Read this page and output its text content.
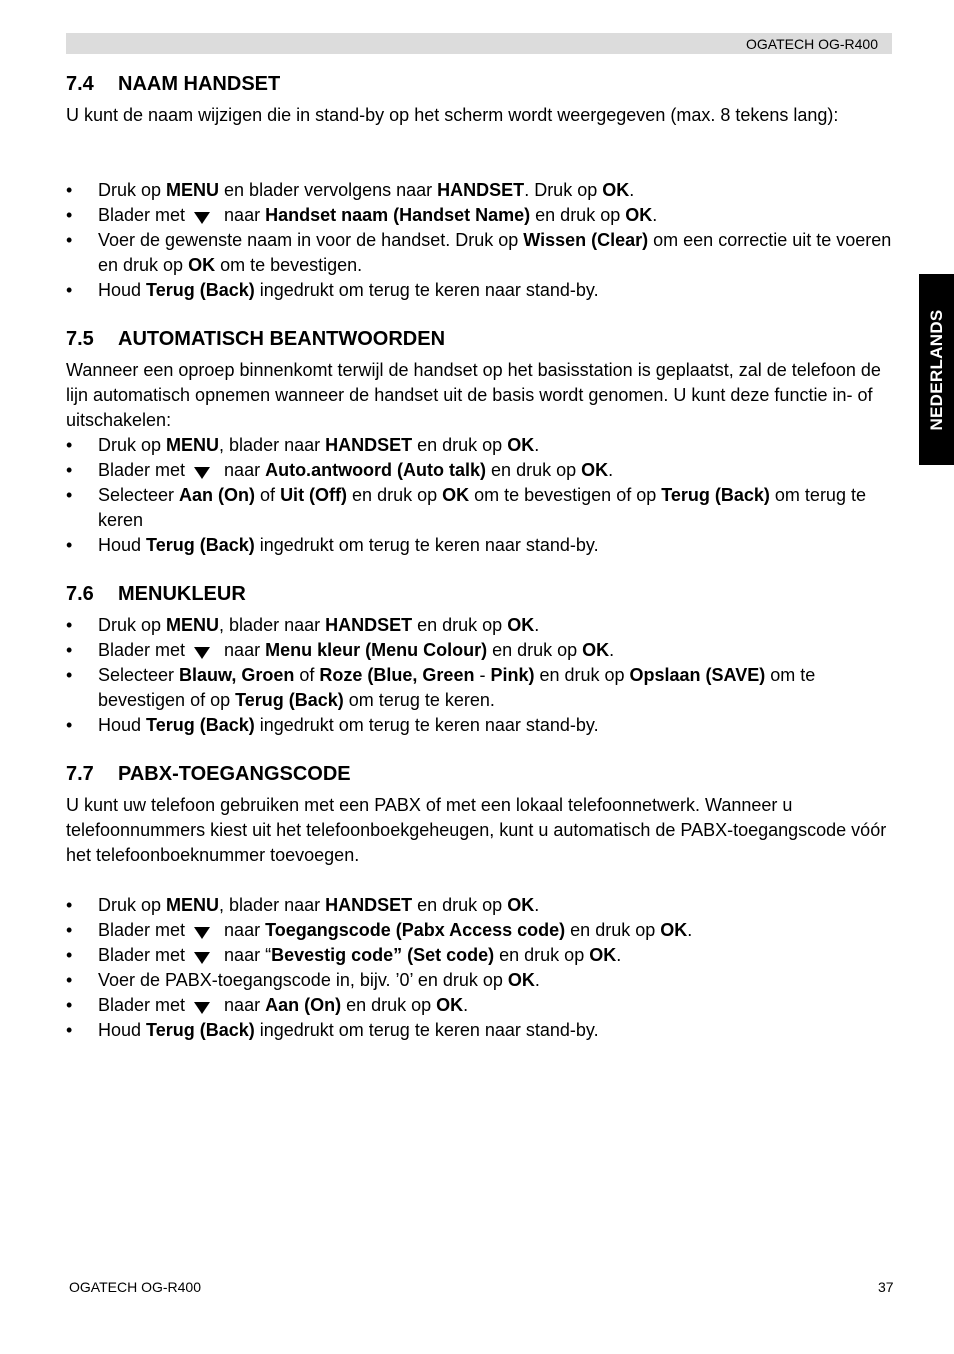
OGATECH OG-R400
NEDERLANDS
7.4 NAAM HANDSET

U kunt de naam wijzigen die in stand-by op het scherm wordt weergegeven (max. 8 tekens lang):

• Druk op MENU en blader vervolgens naar HANDSET. Druk op OK.
• Blader met naar Handset naam (Handset Name) en druk op OK.
• Voer de gewenste naam in voor de handset. Druk op Wissen (Clear) om een correctie uit te voeren en druk op OK om te bevestigen.
• Houd Terug (Back) ingedrukt om terug te keren naar stand-by.
7.5 AUTOMATISCH BEANTWOORDEN

Wanneer een oproep binnenkomt terwijl de handset op het basisstation is geplaatst, zal de telefoon de lijn automatisch opnemen wanneer de handset uit de basis wordt genomen. U kunt deze functie in- of uitschakelen:

• Druk op MENU, blader naar HANDSET en druk op OK.
• Blader met naar Auto.antwoord (Auto talk) en druk op OK.
• Selecteer Aan (On) of Uit (Off) en druk op OK om te bevestigen of op Terug (Back) om terug te keren
• Houd Terug (Back) ingedrukt om terug te keren naar stand-by.
7.6 MENUKLEUR
• Druk op MENU, blader naar HANDSET en druk op OK.
• Blader met naar Menu kleur (Menu Colour) en druk op OK.
• Selecteer Blauw, Groen of Roze (Blue, Green - Pink) en druk op Opslaan (SAVE) om te bevestigen of op Terug (Back) om terug te keren.
• Houd Terug (Back) ingedrukt om terug te keren naar stand-by.
7.7 PABX-TOEGANGSCODE

U kunt uw telefoon gebruiken met een PABX of met een lokaal telefoonnetwerk. Wanneer u telefoonnummers kiest uit het telefoonboekgeheugen, kunt u automatisch de PABX-toegangscode vóór het telefoonboeknummer toevoegen.

• Druk op MENU, blader naar HANDSET en druk op OK.
• Blader met naar Toegangscode (Pabx Access code) en druk op OK.
• Blader met naar “Bevestig code” (Set code) en druk op OK.
• Voer de PABX-toegangscode in, bijv. ’0’ en druk op OK.
• Blader met naar Aan (On) en druk op OK.
• Houd Terug (Back) ingedrukt om terug te keren naar stand-by.
OGATECH OG-R400	37
